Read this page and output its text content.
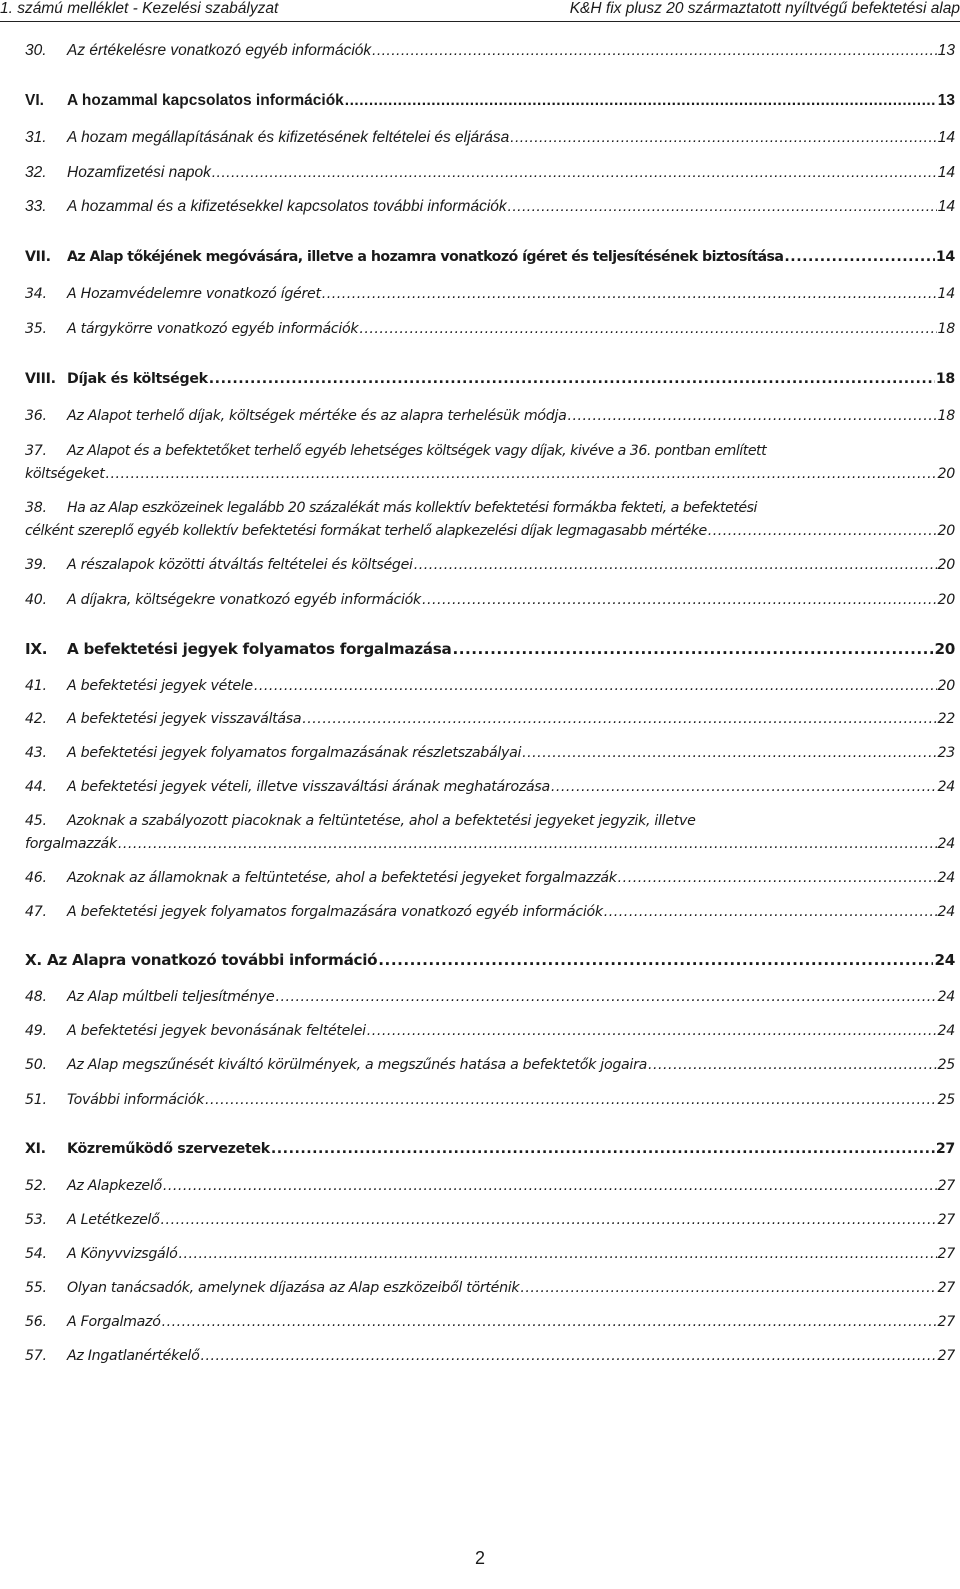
1. számú melléklet - Kezelési szabályzat	K&H fix plusz 20 származtatott nyíltvégű befektetési alap
30.	Az értékelésre vonatkozó egyéb információk .....	13
VI.	A hozammal kapcsolatos információk .....	13
31.	A hozam megállapításának és kifizetésének feltételei és eljárása .....	14
32.	Hozamfizetési napok .....	14
33.	A hozammal és a kifizetésekkel kapcsolatos további információk .....	14
VII.	Az Alap tőkéjének megóvására, illetve a hozamra vonatkozó ígéret és teljesítésének biztosítása .....	14
34.	A Hozamvédelemre vonatkozó ígéret .....	14
35.	A tárgykörre vonatkozó egyéb információk .....	18
VIII. Díjak és költségek .....	18
36.	Az Alapot terhelő díjak, költségek mértéke és az alapra terhelésük módja .....	18
37.	Az Alapot és a befektetőket terhelő egyéb lehetséges költségek vagy díjak, kivéve a 36. pontban említett
költségeket .....	20
38.	Ha az Alap eszközeinek legalább 20 százalékát más kollektív befektetési formákba fekteti, a befektetési
célként szereplő egyéb kollektív befektetési formákat terhelő alapkezelési díjak legmagasabb mértéke .....	20
39.	A részalapok közötti átváltás feltételei és költségei .....	20
40.	A díjakra, költségekre vonatkozó egyéb információk .....	20
IX.	A befektetési jegyek folyamatos forgalmazása .....	20
41.	A befektetési jegyek vétele .....	20
42.	A befektetési jegyek visszaváltása .....	22
43.	A befektetési jegyek folyamatos forgalmazásának részletszabályai .....	23
44.	A befektetési jegyek vételi, illetve visszaváltási árának meghatározása .....	24
45.	Azoknak a szabályozott piacoknak a feltüntetése, ahol a befektetési jegyeket jegyzik, illetve
forgalmazzák .....	24
46.	Azoknak az államoknak a feltüntetése, ahol a befektetési jegyeket forgalmazzák .....	24
47.	A befektetési jegyek folyamatos forgalmazására vonatkozó egyéb információk .....	24
X. Az Alapra vonatkozó további információ .....	24
48.	Az Alap múltbeli teljesítménye .....	24
49.	A befektetési jegyek bevonásának feltételei .....	24
50.	Az Alap megszűnését kiváltó körülmények, a megszűnés hatása a befektetők jogaira .....	25
51.	További információk .....	25
XI.	Közreműködő szervezetek .....	27
52.	Az Alapkezelő .....	27
53.	A Letétkezelő .....	27
54.	A Könyvvizsgáló .....	27
55.	Olyan tanácsadók, amelynek díjazása az Alap eszközeiből történik .....	27
56.	A Forgalmazó .....	27
57.	Az Ingatlanértékelő .....	27
2
